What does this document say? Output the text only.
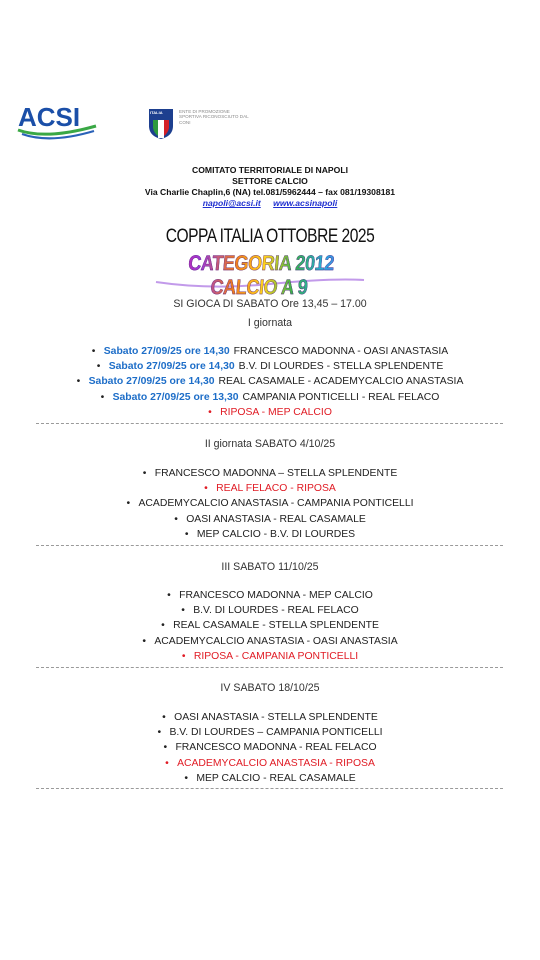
ACSI	ITALIA	ENTE DI PROMOZIONE SPORTIVA RICONOSCIUTO DAL CONI
COMITATO TERRITORIALE DI NAPOLI
SETTORE CALCIO
Via Charlie Chaplin,6 (NA) tel.081/5962444 – fax 081/19308181
napoli@acsi.it www.acsinapoli
COPPA ITALIA OTTOBRE 2025
CATEGORIA 2012 CALCIO A 9
SI GIOCA DI SABATO Ore 13,45 – 17.00
I giornata
• Sabato 27/09/25 ore 14,30 FRANCESCO MADONNA - OASI ANASTASIA
• Sabato 27/09/25 ore 14,30 B.V. DI LOURDES - STELLA SPLENDENTE
• Sabato 27/09/25 ore 14,30 REAL CASAMALE - ACADEMYCALCIO ANASTASIA
• Sabato 27/09/25 ore 13,30 CAMPANIA PONTICELLI - REAL FELACO
• RIPOSA - MEP CALCIO
II giornata SABATO 4/10/25
• FRANCESCO MADONNA – STELLA SPLENDENTE
• REAL FELACO - RIPOSA
• ACADEMYCALCIO ANASTASIA - CAMPANIA PONTICELLI
• OASI ANASTASIA - REAL CASAMALE
• MEP CALCIO - B.V. DI LOURDES
III SABATO 11/10/25
• FRANCESCO MADONNA - MEP CALCIO
• B.V. DI LOURDES - REAL FELACO
• REAL CASAMALE - STELLA SPLENDENTE
• ACADEMYCALCIO ANASTASIA - OASI ANASTASIA
• RIPOSA - CAMPANIA PONTICELLI
IV SABATO 18/10/25
• OASI ANASTASIA - STELLA SPLENDENTE
• B.V. DI LOURDES – CAMPANIA PONTICELLI
• FRANCESCO MADONNA - REAL FELACO
• ACADEMYCALCIO ANASTASIA - RIPOSA
• MEP CALCIO - REAL CASAMALE
